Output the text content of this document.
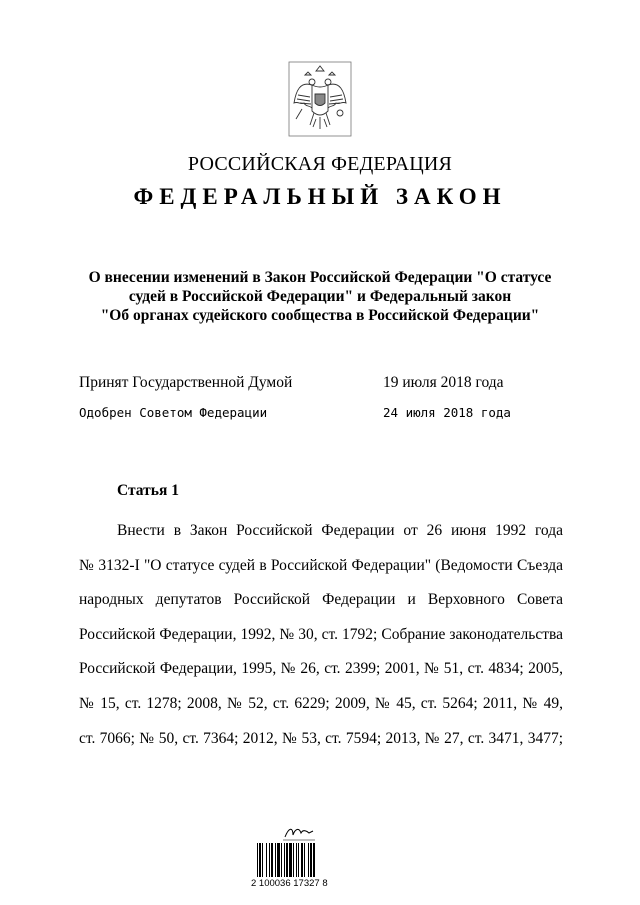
РОССИЙСКАЯ ФЕДЕРАЦИЯ
ФЕДЕРАЛЬНЫЙ ЗАКОН
О внесении изменений в Закон Российской Федерации "О статусе
судей в Российской Федерации" и Федеральный закон
"Об органах судейского сообщества в Российской Федерации"
Принят Государственной Думой	19 июля 2018 года
Одобрен Советом Федерации	24 июля 2018 года
Статья 1
Внести в Закон Российской Федерации от 26 июня 1992 года
№ 3132-I "О статусе судей в Российской Федерации" (Ведомости Съезда
народных депутатов Российской Федерации и Верховного Совета
Российской Федерации, 1992, № 30, ст. 1792; Собрание законодательства
Российской Федерации, 1995, № 26, ст. 2399; 2001, № 51, ст. 4834; 2005,
№ 15, ст. 1278; 2008, № 52, ст. 6229; 2009, № 45, ст. 5264; 2011, № 49,
ст. 7066; № 50, ст. 7364; 2012, № 53, ст. 7594; 2013, № 27, ст. 3471, 3477;
2 100036 17327 8
